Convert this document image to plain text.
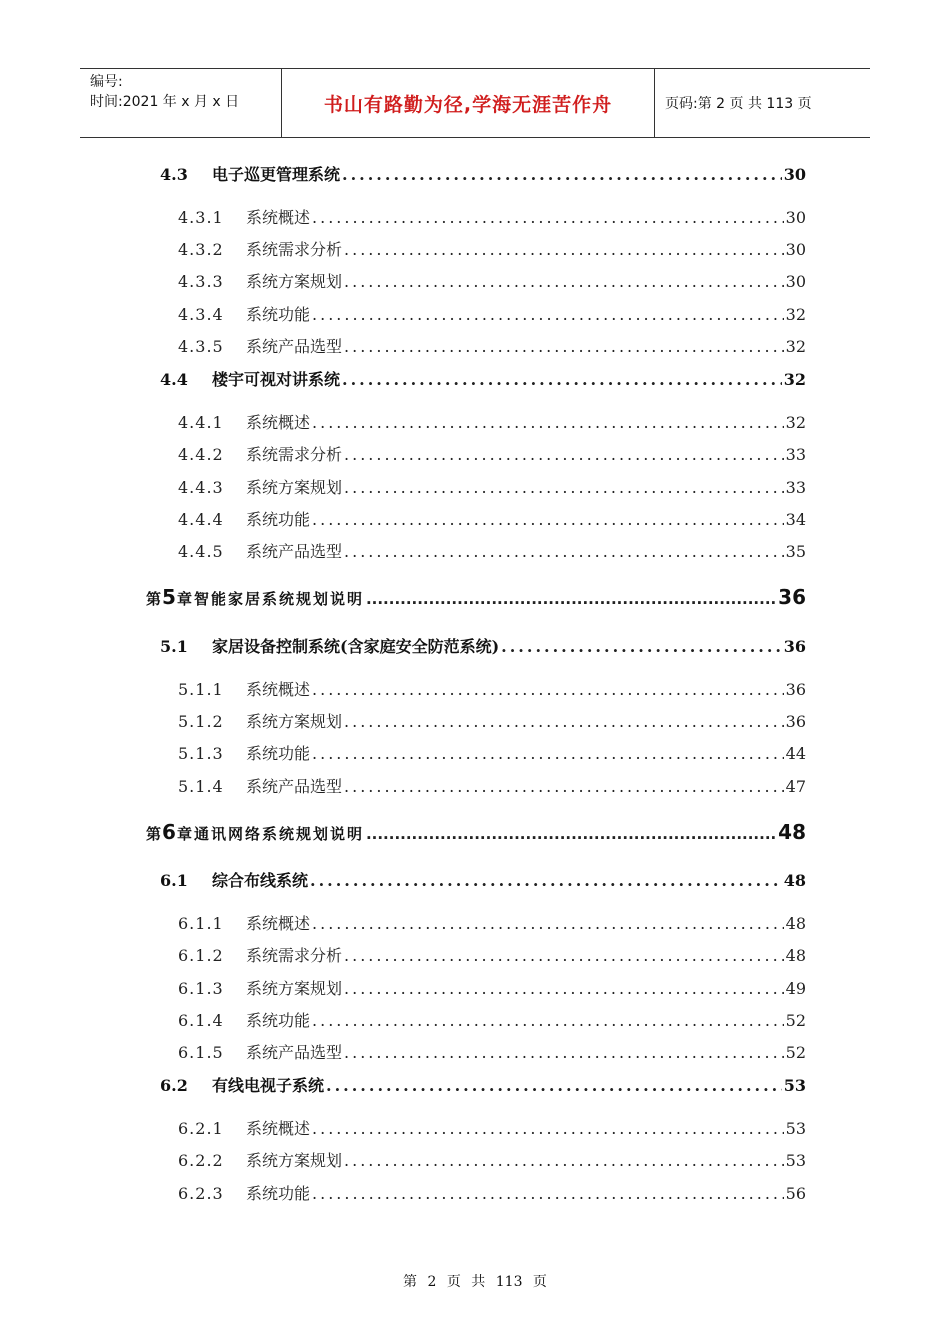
编号:
时间:2021 年 x 月 x 日	书山有路勤为径,学海无涯苦作舟	页码:第 2 页 共 113 页
4.3	电子巡更管理系统 .....	30
4.3.1	系统概述 .....	30
4.3.2	系统需求分析 .....	30
4.3.3	系统方案规划 .....	30
4.3.4	系统功能 .....	32
4.3.5	系统产品选型 .....	32
4.4	楼宇可视对讲系统 .....	32
4.4.1	系统概述 .....	32
4.4.2	系统需求分析 .....	33
4.4.3	系统方案规划 .....	33
4.4.4	系统功能 .....	34
4.4.5	系统产品选型 .....	35
第 5 章智能家居系统规划说明 .....	36
5.1	家居设备控制系统(含家庭安全防范系统) .....	36
5.1.1	系统概述 .....	36
5.1.2	系统方案规划 .....	36
5.1.3	系统功能 .....	44
5.1.4	系统产品选型 .....	47
第 6 章通讯网络系统规划说明 .....	48
6.1	综合布线系统 .....	48
6.1.1	系统概述 .....	48
6.1.2	系统需求分析 .....	48
6.1.3	系统方案规划 .....	49
6.1.4	系统功能 .....	52
6.1.5	系统产品选型 .....	52
6.2	有线电视子系统 .....	53
6.2.1	系统概述 .....	53
6.2.2	系统方案规划 .....	53
6.2.3	系统功能 .....	56
第 2 页 共 113 页
